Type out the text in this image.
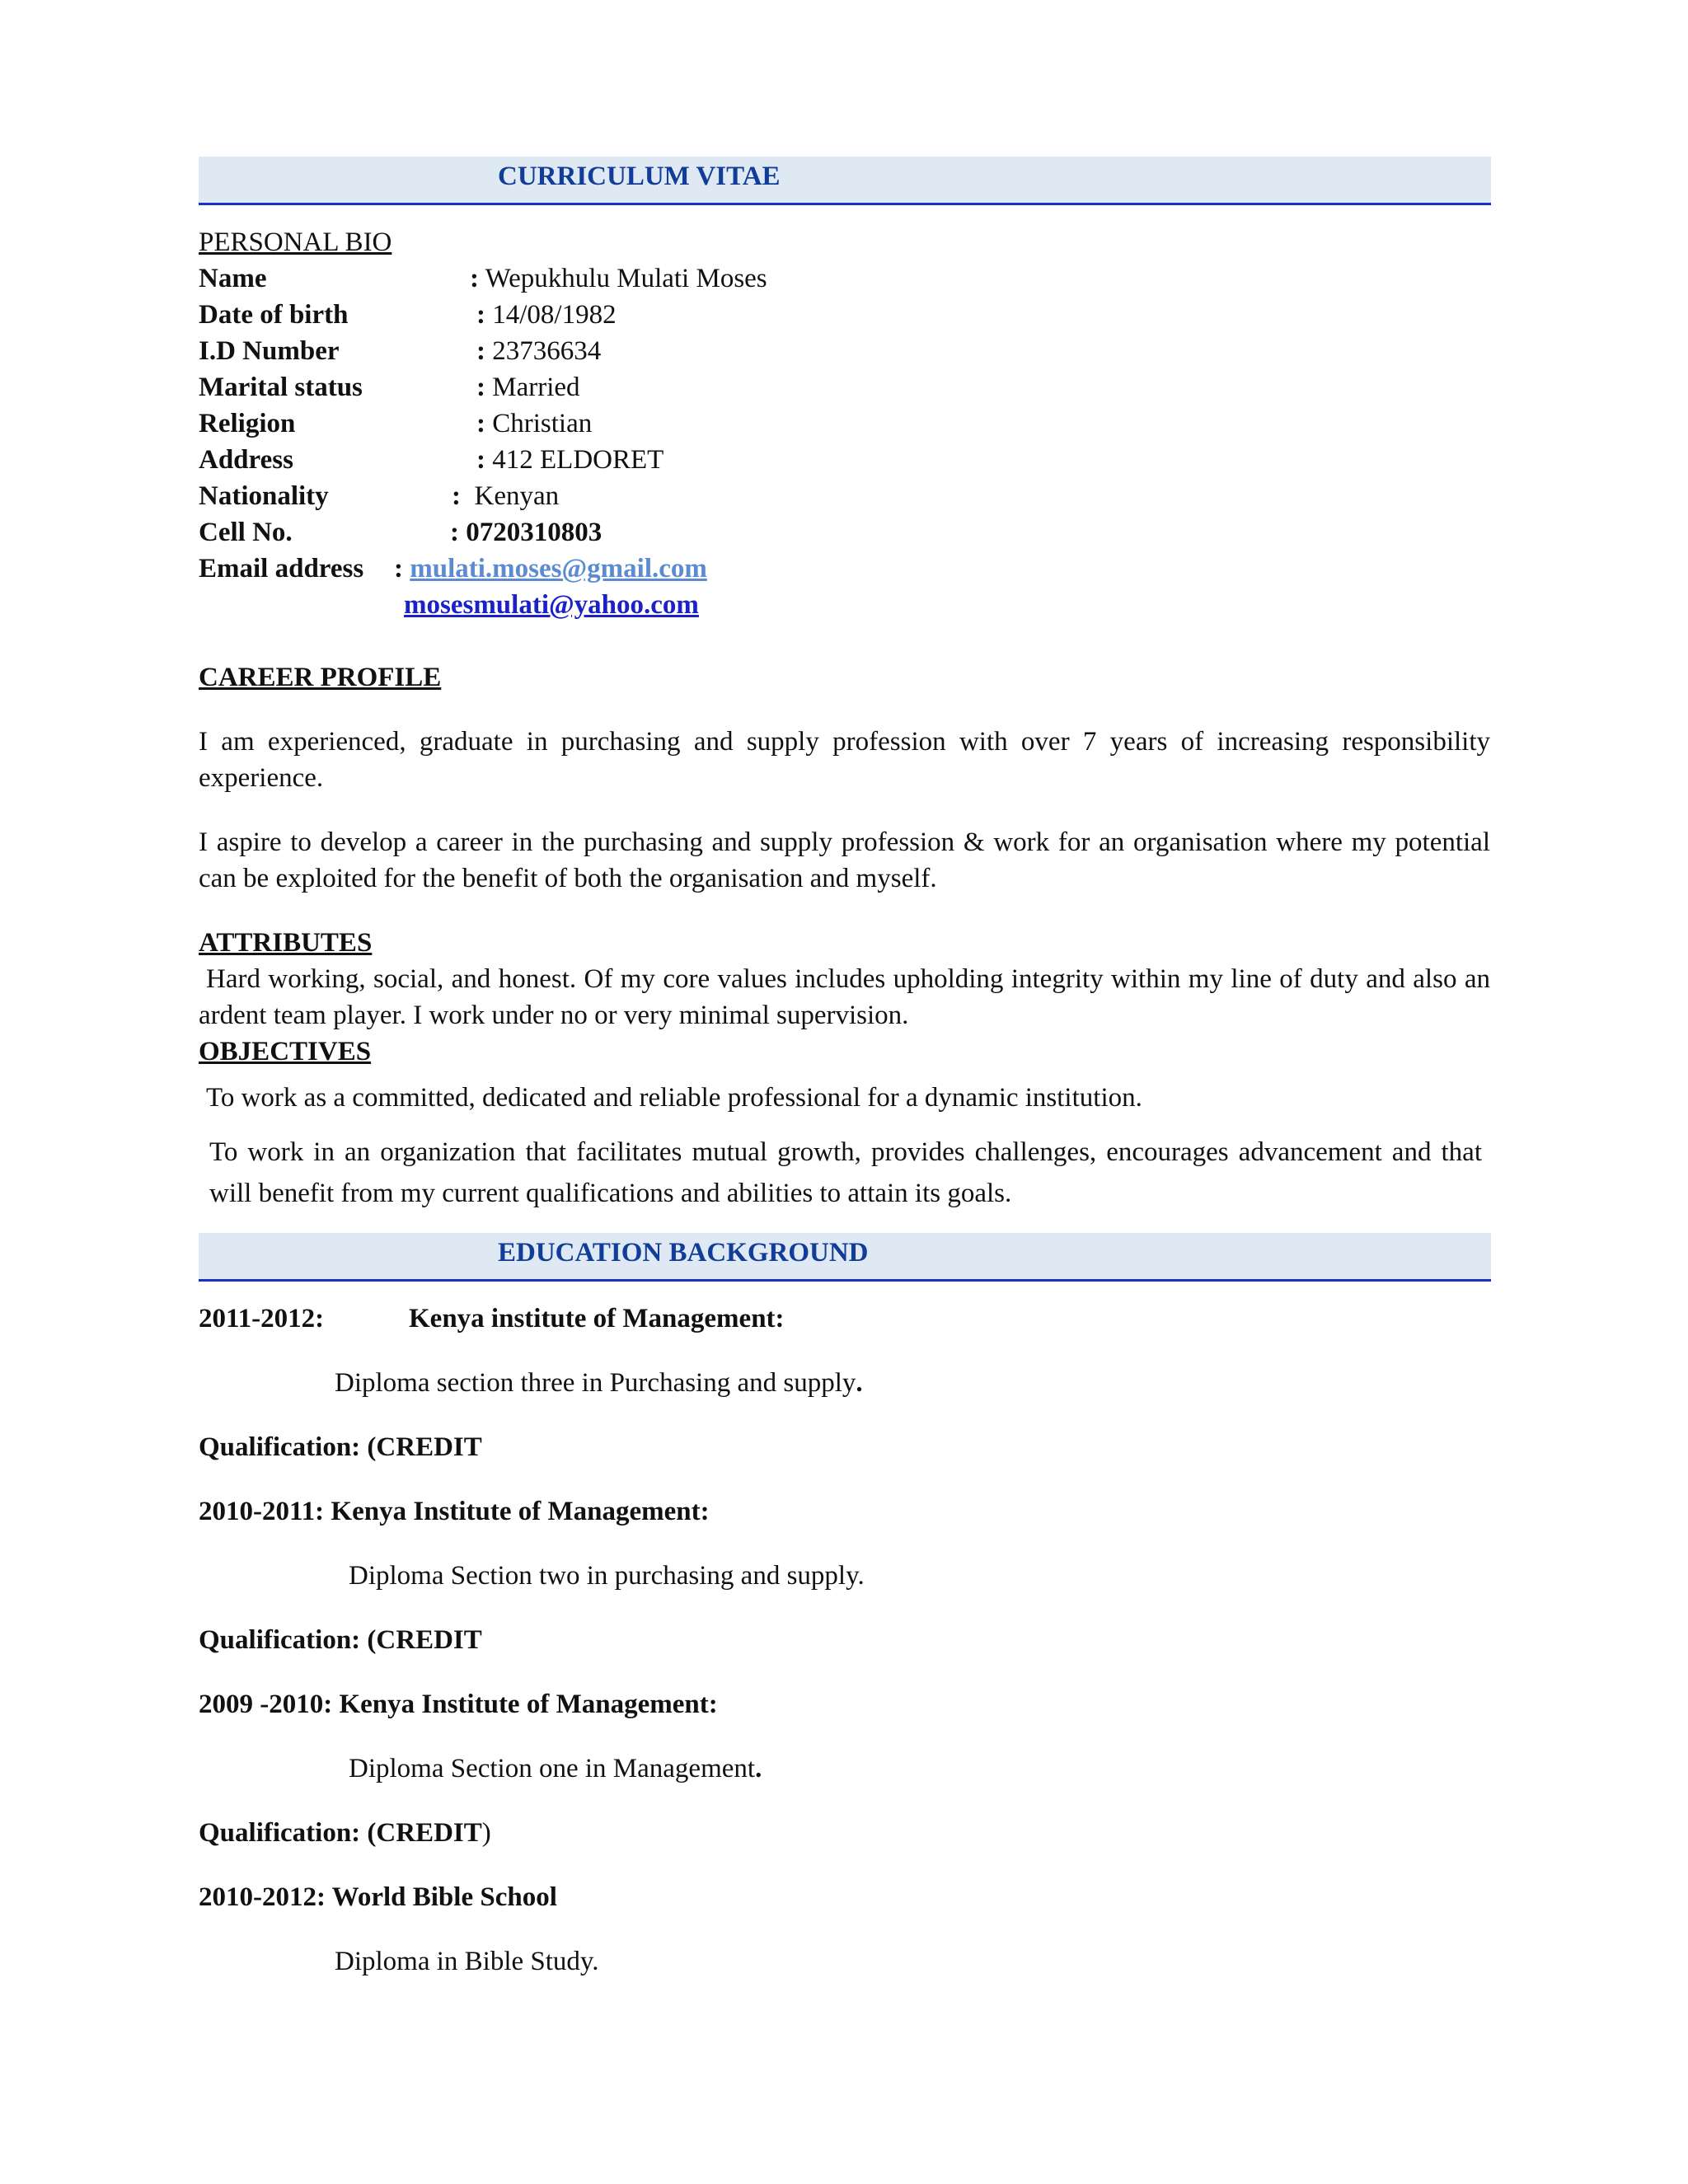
CURRICULUM VITAE
PERSONAL BIO
Name	: Wepukhulu Mulati Moses
Date of birth	: 14/08/1982
I.D Number	: 23736634
Marital status	: Married
Religion	: Christian
Address	: 412 ELDORET
Nationality	: Kenyan
Cell No.	: 0720310803
Email address : mulati.moses@gmail.com
mosesmulati@yahoo.com
CAREER PROFILE
I am experienced, graduate in purchasing and supply profession with over 7 years of increasing responsibility experience.
I aspire to develop a career in the purchasing and supply profession & work for an organisation where my potential can be exploited for the benefit of both the organisation and myself.
ATTRIBUTES
Hard working, social, and honest. Of my core values includes upholding integrity within my line of duty and also an ardent team player. I work under no or very minimal supervision.
OBJECTIVES
To work as a committed, dedicated and reliable professional for a dynamic institution.
To work in an organization that facilitates mutual growth, provides challenges, encourages advancement and that will benefit from my current qualifications and abilities to attain its goals.
EDUCATION BACKGROUND
2011-2012:	Kenya institute of Management:
Diploma section three in Purchasing and supply.
Qualification: (CREDIT
2010-2011: Kenya Institute of Management:
Diploma Section two in purchasing and supply.
Qualification: (CREDIT
2009 -2010: Kenya Institute of Management:
Diploma Section one in Management.
Qualification: (CREDIT)
2010-2012: World Bible School
Diploma in Bible Study.
